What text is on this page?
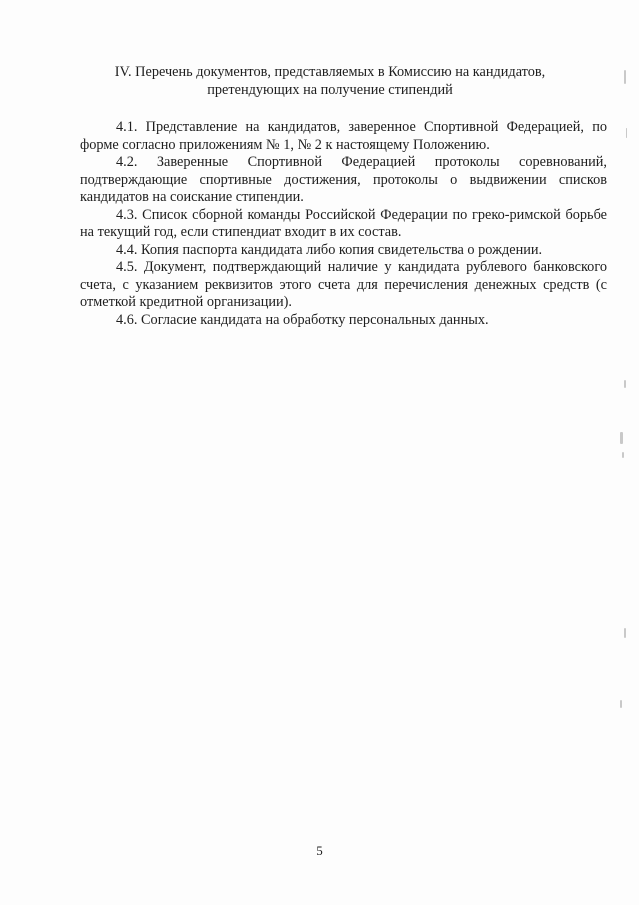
IV. Перечень документов, представляемых в Комиссию на кандидатов,
претендующих на получение стипендий

4.1. Представление на кандидатов, заверенное Спортивной Федерацией, по форме согласно приложениям № 1, № 2 к настоящему Положению.

4.2. Заверенные Спортивной Федерацией протоколы соревнований, подтверждающие спортивные достижения, протоколы о выдвижении списков кандидатов на соискание стипендии.

4.3. Список сборной команды Российской Федерации по греко-римской борьбе на текущий год, если стипендиат входит в их состав.

4.4. Копия паспорта кандидата либо копия свидетельства о рождении.

4.5. Документ, подтверждающий наличие у кандидата рублевого банковского счета, с указанием реквизитов этого счета для перечисления денежных средств (с отметкой кредитной организации).

4.6. Согласие кандидата на обработку персональных данных.

5
